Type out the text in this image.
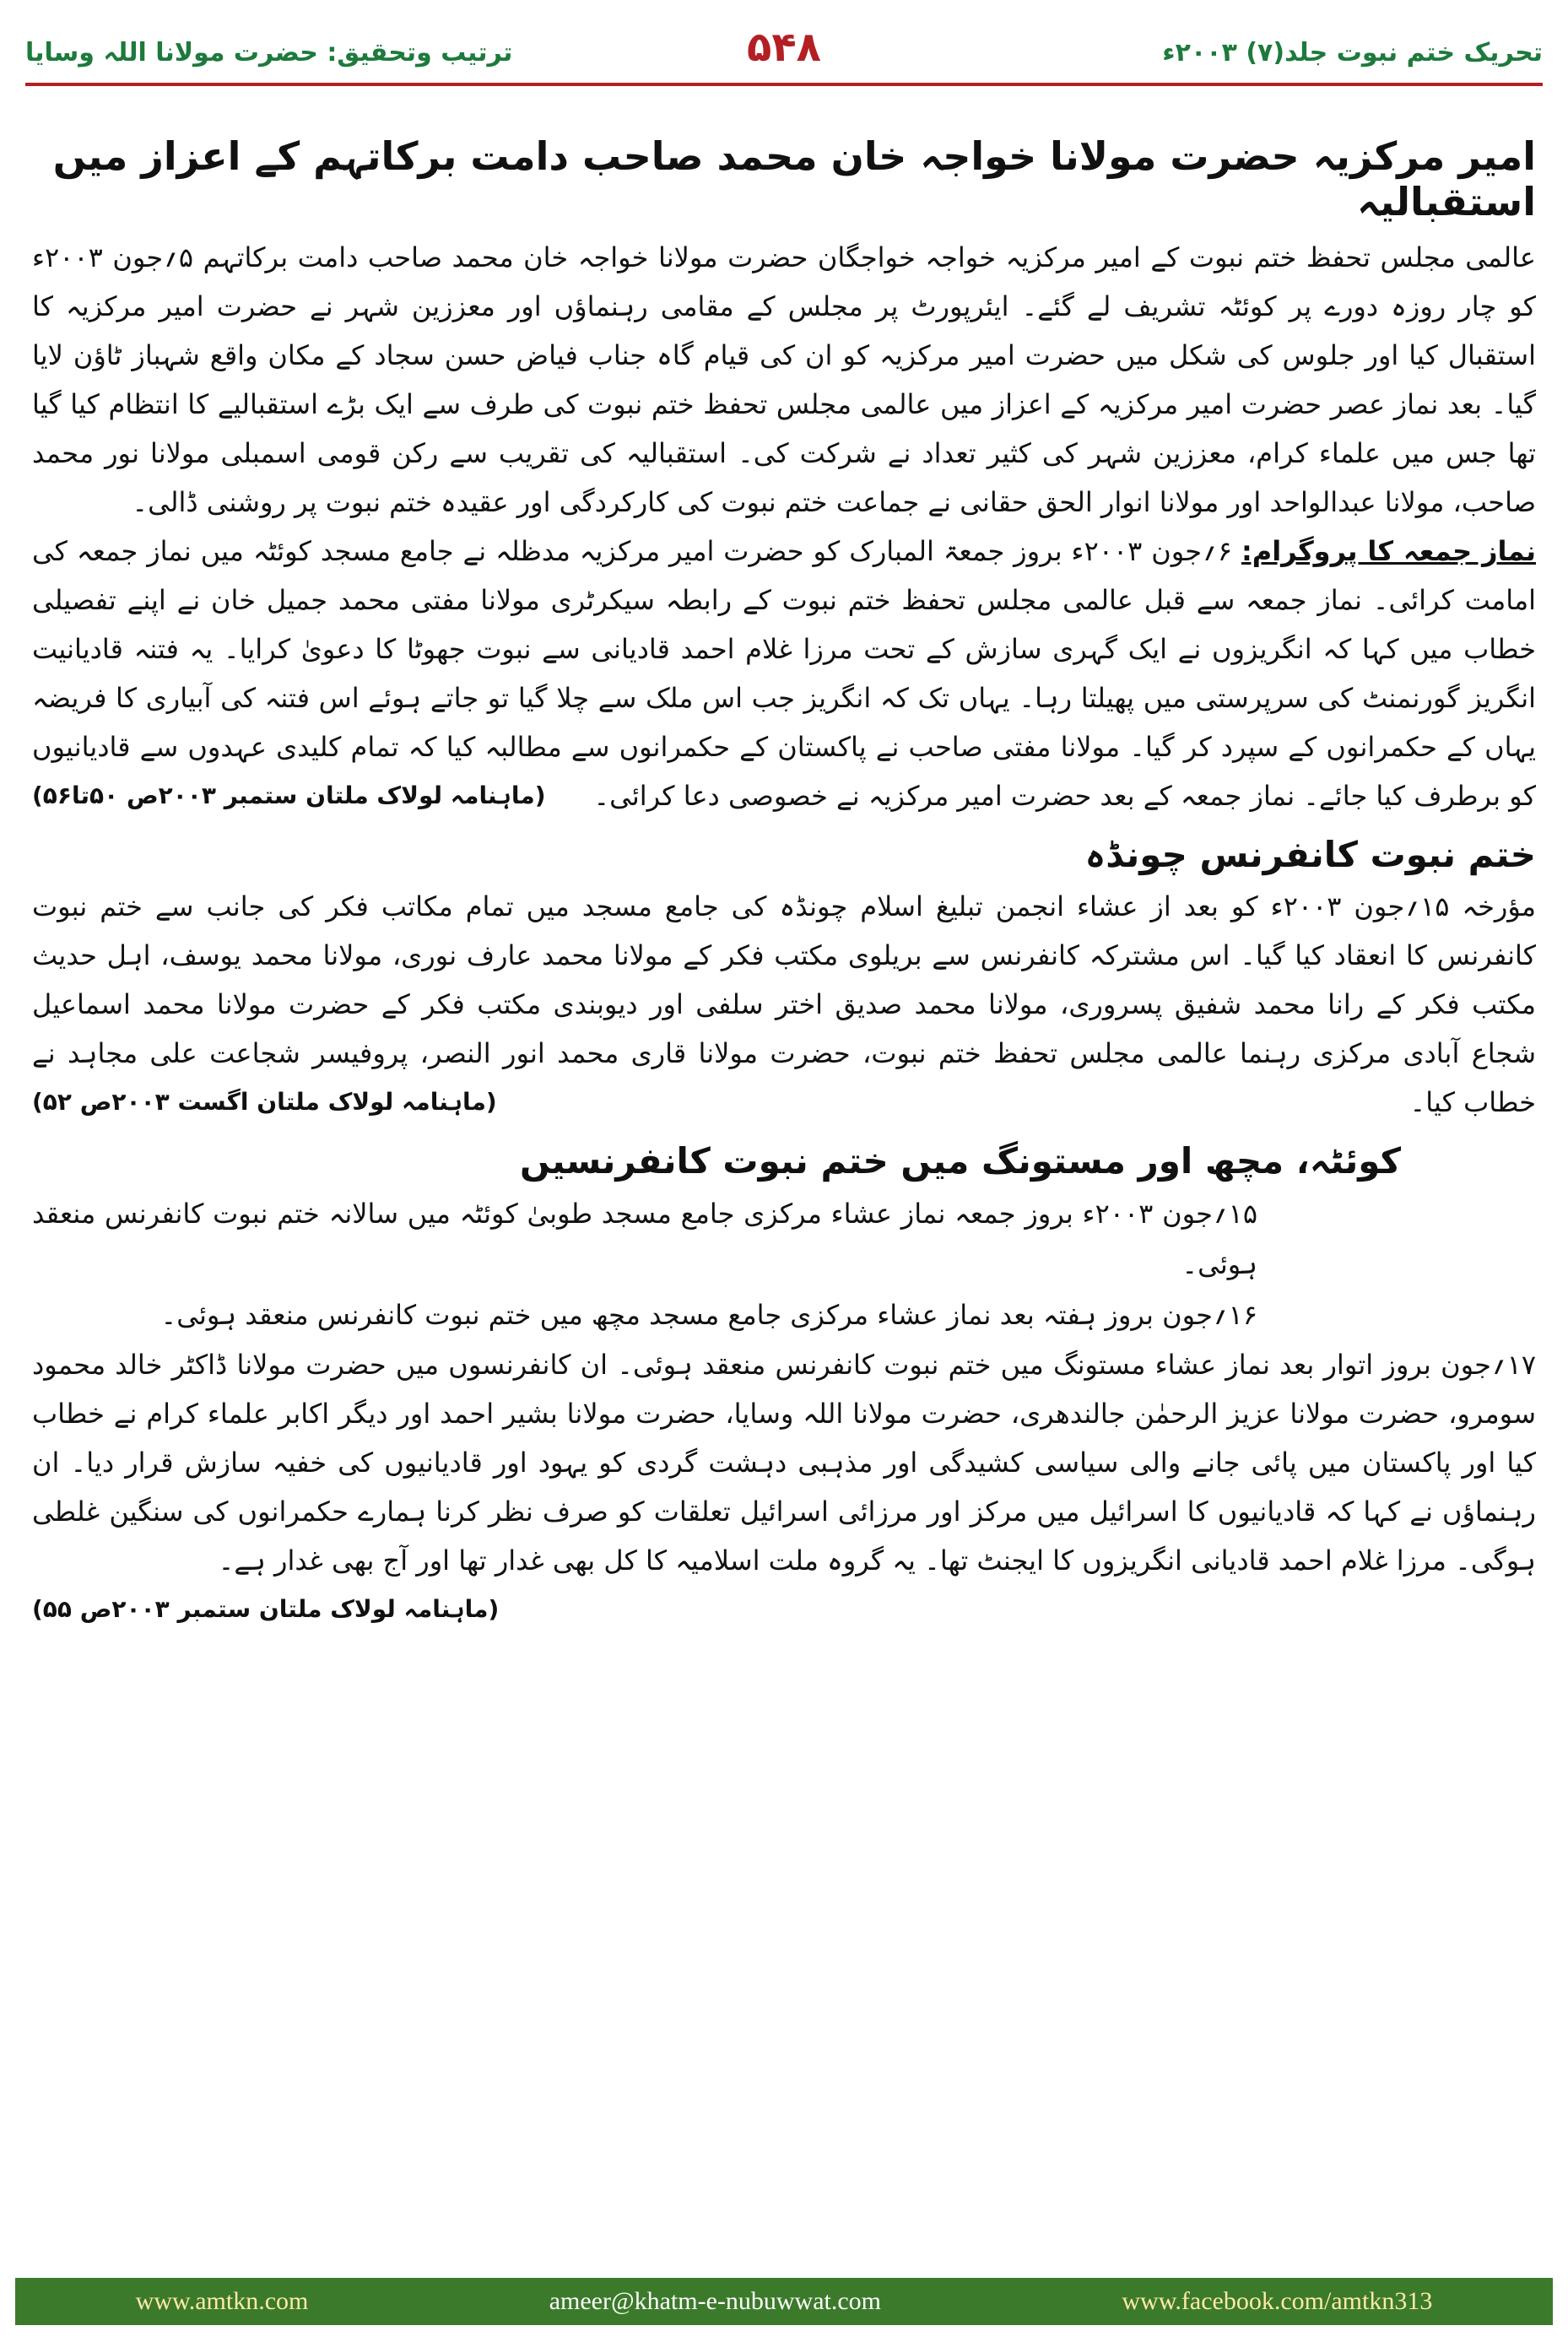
تحریک ختم نبوت جلد(۷) ۲۰۰۳ء
۵۴۸
ترتیب وتحقیق: حضرت مولانا اللہ وسایا
امیر مرکزیہ حضرت مولانا خواجہ خان محمد صاحب دامت برکاتہم کے اعزاز میں استقبالیہ

عالمی مجلس تحفظ ختم نبوت کے امیر مرکزیہ خواجہ خواجگان حضرت مولانا خواجہ خان محمد صاحب دامت برکاتہم ۵؍جون ۲۰۰۳ء کو چار روزہ دورے پر کوئٹہ تشریف لے گئے۔ ایئرپورٹ پر مجلس کے مقامی رہنماؤں اور معززین شہر نے حضرت امیر مرکزیہ کا استقبال کیا اور جلوس کی شکل میں حضرت امیر مرکزیہ کو ان کی قیام گاہ جناب فیاض حسن سجاد کے مکان واقع شہباز ٹاؤن لایا گیا۔ بعد نماز عصر حضرت امیر مرکزیہ کے اعزاز میں عالمی مجلس تحفظ ختم نبوت کی طرف سے ایک بڑے استقبالیے کا انتظام کیا گیا تھا جس میں علماء کرام، معززین شہر کی کثیر تعداد نے شرکت کی۔ استقبالیہ کی تقریب سے رکن قومی اسمبلی مولانا نور محمد صاحب، مولانا عبدالواحد اور مولانا انوار الحق حقانی نے جماعت ختم نبوت کی کارکردگی اور عقیدہ ختم نبوت پر روشنی ڈالی۔

نماز جمعہ کا پروگرام: ۶؍جون ۲۰۰۳ء بروز جمعۃ المبارک کو حضرت امیر مرکزیہ مدظلہ نے جامع مسجد کوئٹہ میں نماز جمعہ کی امامت کرائی۔ نماز جمعہ سے قبل عالمی مجلس تحفظ ختم نبوت کے رابطہ سیکرٹری مولانا مفتی محمد جمیل خان نے اپنے تفصیلی خطاب میں کہا کہ انگریزوں نے ایک گہری سازش کے تحت مرزا غلام احمد قادیانی سے نبوت جھوٹا کا دعویٰ کرایا۔ یہ فتنہ قادیانیت انگریز گورنمنٹ کی سرپرستی میں پھیلتا رہا۔ یہاں تک کہ انگریز جب اس ملک سے چلا گیا تو جاتے ہوئے اس فتنہ کی آبیاری کا فریضہ یہاں کے حکمرانوں کے سپرد کر گیا۔ مولانا مفتی صاحب نے پاکستان کے حکمرانوں سے مطالبہ کیا کہ تمام کلیدی عہدوں سے قادیانیوں کو برطرف کیا جائے۔ نماز جمعہ کے بعد حضرت امیر مرکزیہ نے خصوصی دعا کرائی۔
(ماہنامہ لولاک ملتان ستمبر ۲۰۰۳ص ۵۰تا۵۶)

ختم نبوت کانفرنس چونڈہ

مؤرخہ ۱۵؍جون ۲۰۰۳ء کو بعد از عشاء انجمن تبلیغ اسلام چونڈہ کی جامع مسجد میں تمام مکاتب فکر کی جانب سے ختم نبوت کانفرنس کا انعقاد کیا گیا۔ اس مشترکہ کانفرنس سے بریلوی مکتب فکر کے مولانا محمد عارف نوری، مولانا محمد یوسف، اہل حدیث مکتب فکر کے رانا محمد شفیق پسروری، مولانا محمد صدیق اختر سلفی اور دیوبندی مکتب فکر کے حضرت مولانا محمد اسماعیل شجاع آبادی مرکزی رہنما عالمی مجلس تحفظ ختم نبوت، حضرت مولانا قاری محمد انور النصر، پروفیسر شجاعت علی مجاہد نے خطاب کیا۔
(ماہنامہ لولاک ملتان اگست ۲۰۰۳ص ۵۲)

کوئٹہ، مچھ اور مستونگ میں ختم نبوت کانفرنسیں

۱۵؍جون ۲۰۰۳ء بروز جمعہ نماز عشاء مرکزی جامع مسجد طوبیٰ کوئٹہ میں سالانہ ختم نبوت کانفرنس منعقد ہوئی۔

۱۶؍جون بروز ہفتہ بعد نماز عشاء مرکزی جامع مسجد مچھ میں ختم نبوت کانفرنس منعقد ہوئی۔

۱۷؍جون بروز اتوار بعد نماز عشاء مستونگ میں ختم نبوت کانفرنس منعقد ہوئی۔ ان کانفرنسوں میں حضرت مولانا ڈاکٹر خالد محمود سومرو، حضرت مولانا عزیز الرحمٰن جالندھری، حضرت مولانا اللہ وسایا، حضرت مولانا بشیر احمد اور دیگر اکابر علماء کرام نے خطاب کیا اور پاکستان میں پائی جانے والی سیاسی کشیدگی اور مذہبی دہشت گردی کو یہود اور قادیانیوں کی خفیہ سازش قرار دیا۔ ان رہنماؤں نے کہا کہ قادیانیوں کا اسرائیل میں مرکز اور مرزائی اسرائیل تعلقات کو صرف نظر کرنا ہمارے حکمرانوں کی سنگین غلطی ہوگی۔ مرزا غلام احمد قادیانی انگریزوں کا ایجنٹ تھا۔ یہ گروہ ملت اسلامیہ کا کل بھی غدار تھا اور آج بھی غدار ہے۔
(ماہنامہ لولاک ملتان ستمبر ۲۰۰۳ص ۵۵)

www.amtkn.com	ameer@khatm-e-nubuwwat.com	www.facebook.com/amtkn313
